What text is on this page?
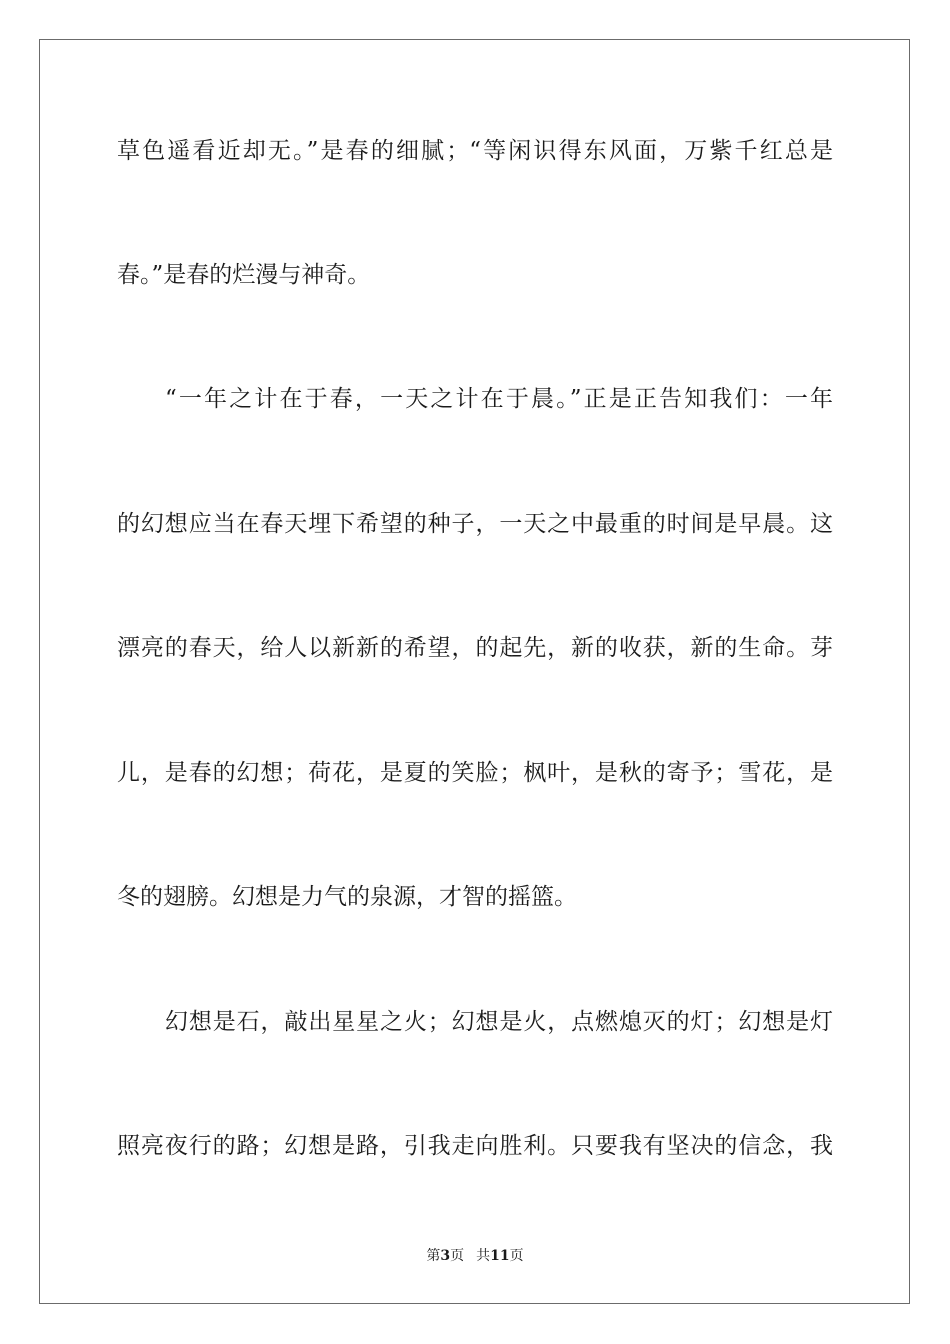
草色遥看近却无。”是春的细腻；“等闲识得东风面，万紫千红总是
春。”是春的烂漫与神奇。
“一年之计在于春，一天之计在于晨。”正是正告知我们：一年
的幻想应当在春天埋下希望的种子，一天之中最重的时间是早晨。这
漂亮的春天，给人以新新的希望，的起先，新的收获，新的生命。芽
儿，是春的幻想；荷花，是夏的笑脸；枫叶，是秋的寄予；雪花，是
冬的翅膀。幻想是力气的泉源，才智的摇篮。
幻想是石，敲出星星之火；幻想是火，点燃熄灭的灯；幻想是灯
照亮夜行的路；幻想是路，引我走向胜利。只要我有坚决的信念，我
第3页 共11页
